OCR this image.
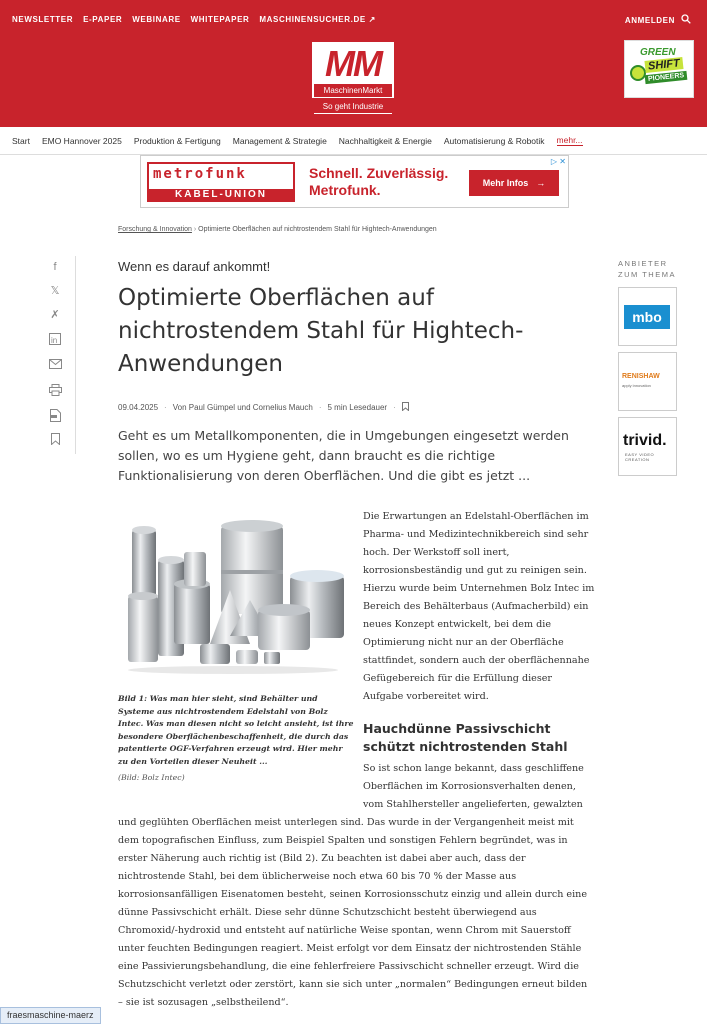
NEWSLETTER E-PAPER WEBINARE WHITEPAPER MASCHINENSUCHER.DE ↗	ANMELDEN
MM
MaschinenMarkt
So geht Industrie
GREEN
SHIFT
PIONEERS
Start EMO Hannover 2025 Produktion & Fertigung Management & Strategie Nachhaltigkeit & Energie Automatisierung & Robotik mehr...
metrofunk
KABEL-UNION
Schnell. Zuverlässig.
Metrofunk.	Mehr Infos →
▷ ✕
Forschung & Innovation › Optimierte Oberflächen auf nichtrostendem Stahl für Hightech-Anwendungen
f
𝕏
✗
in
Wenn es darauf ankommt!
Optimierte Oberflächen auf nichtrostendem Stahl für Hightech-Anwendungen
09.04.2025 · Von Paul Gümpel und Cornelius Mauch · 5 min Lesedauer ·

Geht es um Metallkomponenten, die in Umgebungen eingesetzt werden sollen, wo es um Hygiene geht, dann braucht es die richtige Funktionalisierung von deren Oberflächen. Und die gibt es jetzt ...

Bild 1: Was man hier sieht, sind Behälter und Systeme aus nichtrostendem Edelstahl von Bolz Intec. Was man diesen nicht so leicht ansieht, ist ihre besondere Oberflächenbeschaffenheit, die durch das patentierte OGF-Verfahren erzeugt wird. Hier mehr zu den Vorteilen dieser Neuheit ...
(Bild: Bolz Intec)

Die Erwartungen an Edelstahl-Oberflächen im Pharma- und Medizintechnikbereich sind sehr hoch. Der Werkstoff soll inert, korrosionsbeständig und gut zu reinigen sein. Hierzu wurde beim Unternehmen Bolz Intec im Bereich des Behälterbaus (Aufmacherbild) ein neues Konzept entwickelt, bei dem die Optimierung nicht nur an der Oberfläche stattfindet, sondern auch der oberflächennahe Gefügebereich für die Erfüllung dieser Aufgabe vorbereitet wird.

Hauchdünne Passivschicht schützt nichtrostenden Stahl

So ist schon lange bekannt, dass geschliffene Oberflächen im Korrosionsverhalten denen, vom Stahlhersteller angelieferten, gewalzten

und geglühten Oberflächen meist unterlegen sind. Das wurde in der Vergangenheit meist mit dem topografischen Einfluss, zum Beispiel Spalten und sonstigen Fehlern begründet, was in erster Näherung auch richtig ist (Bild 2). Zu beachten ist dabei aber auch, dass der nichtrostende Stahl, bei dem üblicherweise noch etwa 60 bis 70 % der Masse aus korrosionsanfälligen Eisenatomen besteht, seinen Korrosionsschutz einzig und allein durch eine dünne Passivschicht erhält. Diese sehr dünne Schutzschicht besteht überwiegend aus Chromoxid/-hydroxid und entsteht auf natürliche Weise spontan, wenn Chrom mit Sauerstoff unter feuchten Bedingungen reagiert. Meist erfolgt vor dem Einsatz der nichtrostenden Stähle eine Passivierungsbehandlung, die eine fehlerfreiere Passivschicht schneller erzeugt. Wird die Schutzschicht verletzt oder zerstört, kann sie sich unter „normalen“ Bedingungen erneut bilden – sie ist sozusagen „selbstheilend“.

ANBIETER
ZUM THEMA
mbo
RENISHAW
apply innovation
trivid.
EASY VIDEO CREATION
fraesmaschine-maerz
